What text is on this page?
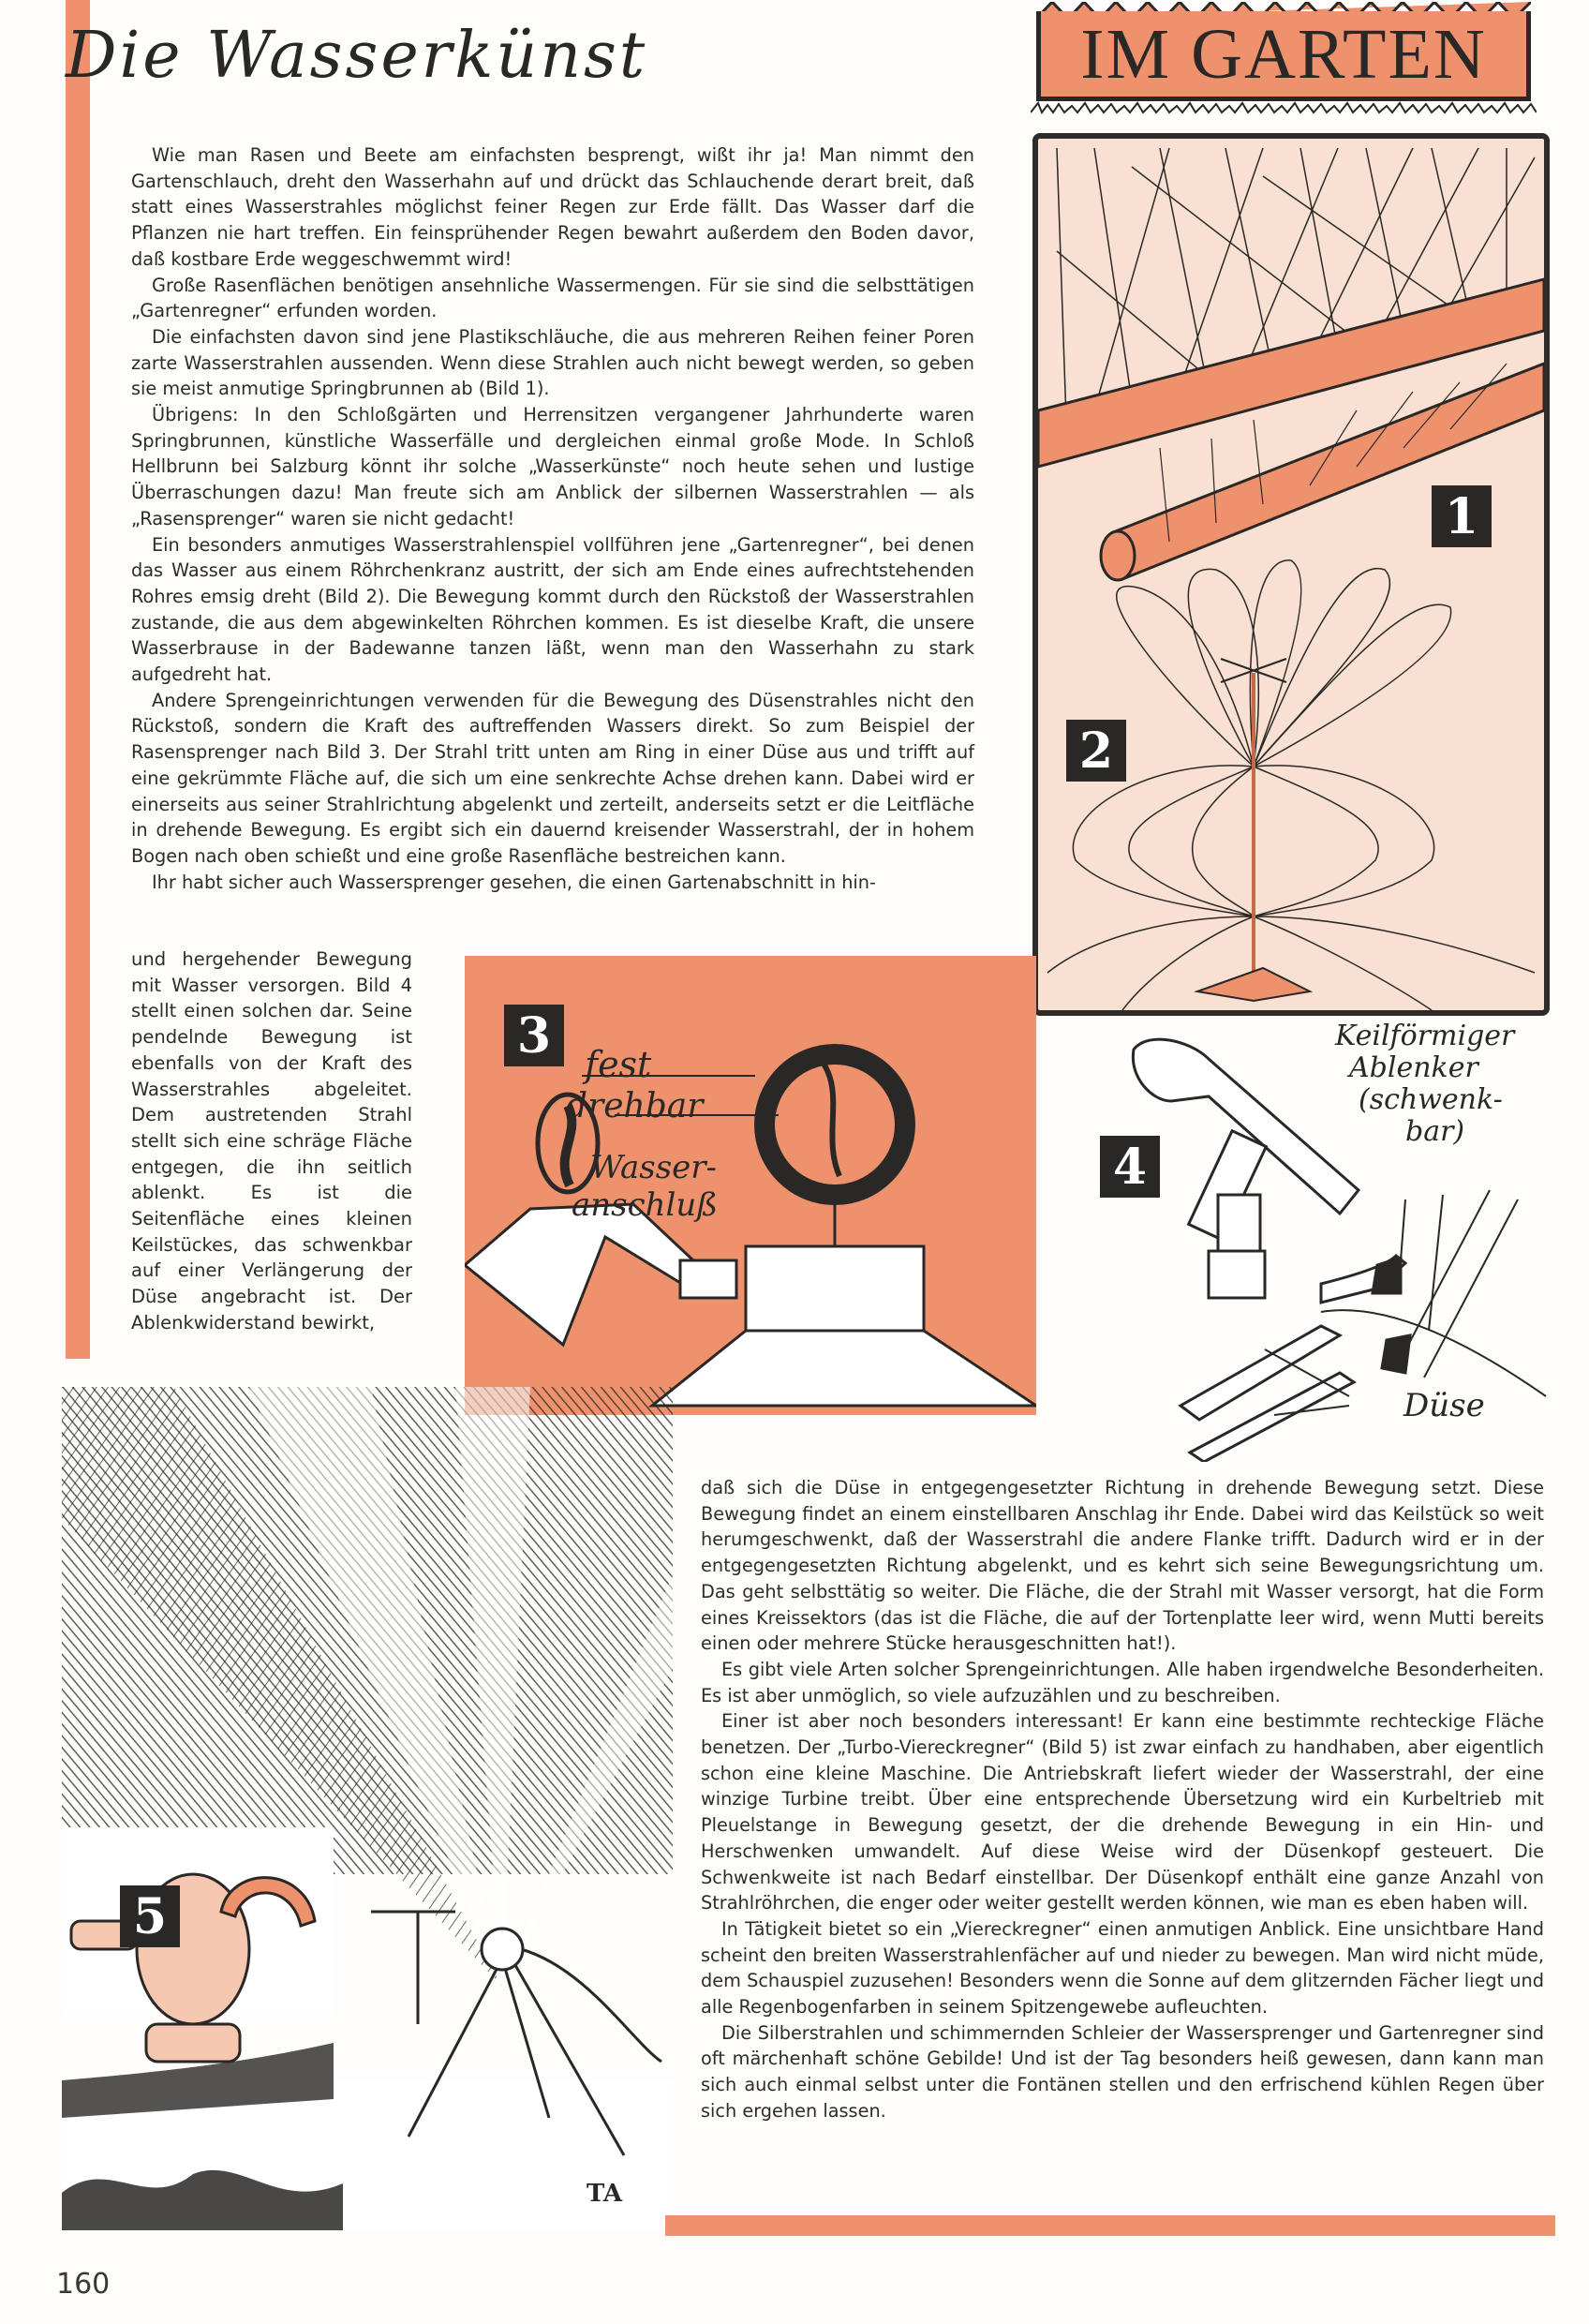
Die Wasserkünst	IM GARTEN

Wie man Rasen und Beete am einfachsten besprengt, wißt ihr ja! Man nimmt den Gartenschlauch, dreht den Wasserhahn auf und drückt das Schlauchende derart breit, daß statt eines Wasserstrahles möglichst feiner Regen zur Erde fällt. Das Wasser darf die Pflanzen nie hart treffen. Ein feinsprühender Regen bewahrt außerdem den Boden davor, daß kostbare Erde weggeschwemmt wird!

Große Rasenflächen benötigen ansehnliche Wassermengen. Für sie sind die selbsttätigen „Gartenregner“ erfunden worden.

Die einfachsten davon sind jene Plastikschläuche, die aus mehreren Reihen feiner Poren zarte Wasserstrahlen aussenden. Wenn diese Strahlen auch nicht bewegt werden, so geben sie meist anmutige Springbrunnen ab (Bild 1).

Übrigens: In den Schloßgärten und Herrensitzen vergangener Jahrhunderte waren Springbrunnen, künstliche Wasserfälle und dergleichen einmal große Mode. In Schloß Hellbrunn bei Salzburg könnt ihr solche „Wasserkünste“ noch heute sehen und lustige Überraschungen dazu! Man freute sich am Anblick der silbernen Wasserstrahlen — als „Rasensprenger“ waren sie nicht gedacht!

Ein besonders anmutiges Wasserstrahlenspiel vollführen jene „Gartenregner“, bei denen das Wasser aus einem Röhrchenkranz austritt, der sich am Ende eines aufrechtstehenden Rohres emsig dreht (Bild 2). Die Bewegung kommt durch den Rückstoß der Wasserstrahlen zustande, die aus dem abgewinkelten Röhrchen kommen. Es ist dieselbe Kraft, die unsere Wasserbrause in der Badewanne tanzen läßt, wenn man den Wasserhahn zu stark aufgedreht hat.

Andere Sprengeinrichtungen verwenden für die Bewegung des Düsenstrahles nicht den Rückstoß, sondern die Kraft des auftreffenden Wassers direkt. So zum Beispiel der Rasensprenger nach Bild 3. Der Strahl tritt unten am Ring in einer Düse aus und trifft auf eine gekrümmte Fläche auf, die sich um eine senkrechte Achse drehen kann. Dabei wird er einerseits aus seiner Strahlrichtung abgelenkt und zerteilt, anderseits setzt er die Leitfläche in drehende Bewegung. Es ergibt sich ein dauernd kreisender Wasserstrahl, der in hohem Bogen nach oben schießt und eine große Rasenfläche bestreichen kann.

Ihr habt sicher auch Wassersprenger gesehen, die einen Gartenabschnitt in hin-

und hergehender Bewegung mit Wasser versorgen. Bild 4 stellt einen solchen dar. Seine pendelnde Bewegung ist ebenfalls von der Kraft des Wasserstrahles abgeleitet. Dem austretenden Strahl stellt sich eine schräge Fläche entgegen, die ihn seitlich ablenkt. Es ist die Seitenfläche eines kleinen Keilstückes, das schwenkbar auf einer Verlängerung der Düse angebracht ist. Der Ablenkwiderstand bewirkt,

1
2
3
fest
drehbar
Wasser-
anschluß
4
Keilförmiger
Ablenker
(schwenk-
bar)
Düse
5
TA

daß sich die Düse in entgegengesetzter Richtung in drehende Bewegung setzt. Diese Bewegung findet an einem einstellbaren Anschlag ihr Ende. Dabei wird das Keilstück so weit herumgeschwenkt, daß der Wasserstrahl die andere Flanke trifft. Dadurch wird er in der entgegengesetzten Richtung abgelenkt, und es kehrt sich seine Bewegungsrichtung um. Das geht selbsttätig so weiter. Die Fläche, die der Strahl mit Wasser versorgt, hat die Form eines Kreissektors (das ist die Fläche, die auf der Tortenplatte leer wird, wenn Mutti bereits einen oder mehrere Stücke herausgeschnitten hat!).

Es gibt viele Arten solcher Sprengeinrichtungen. Alle haben irgendwelche Besonderheiten. Es ist aber unmöglich, so viele aufzuzählen und zu beschreiben.

Einer ist aber noch besonders interessant! Er kann eine bestimmte rechteckige Fläche benetzen. Der „Turbo-Viereckregner“ (Bild 5) ist zwar einfach zu handhaben, aber eigentlich schon eine kleine Maschine. Die Antriebskraft liefert wieder der Wasserstrahl, der eine winzige Turbine treibt. Über eine entsprechende Übersetzung wird ein Kurbeltrieb mit Pleuelstange in Bewegung gesetzt, der die drehende Bewegung in ein Hin- und Herschwenken umwandelt. Auf diese Weise wird der Düsenkopf gesteuert. Die Schwenkweite ist nach Bedarf einstellbar. Der Düsenkopf enthält eine ganze Anzahl von Strahlröhrchen, die enger oder weiter gestellt werden können, wie man es eben haben will.

In Tätigkeit bietet so ein „Viereckregner“ einen anmutigen Anblick. Eine unsichtbare Hand scheint den breiten Wasserstrahlenfächer auf und nieder zu bewegen. Man wird nicht müde, dem Schauspiel zuzusehen! Besonders wenn die Sonne auf dem glitzernden Fächer liegt und alle Regenbogenfarben in seinem Spitzengewebe aufleuchten.

Die Silberstrahlen und schimmernden Schleier der Wassersprenger und Gartenregner sind oft märchenhaft schöne Gebilde! Und ist der Tag besonders heiß gewesen, dann kann man sich auch einmal selbst unter die Fontänen stellen und den erfrischend kühlen Regen über sich ergehen lassen.

160
